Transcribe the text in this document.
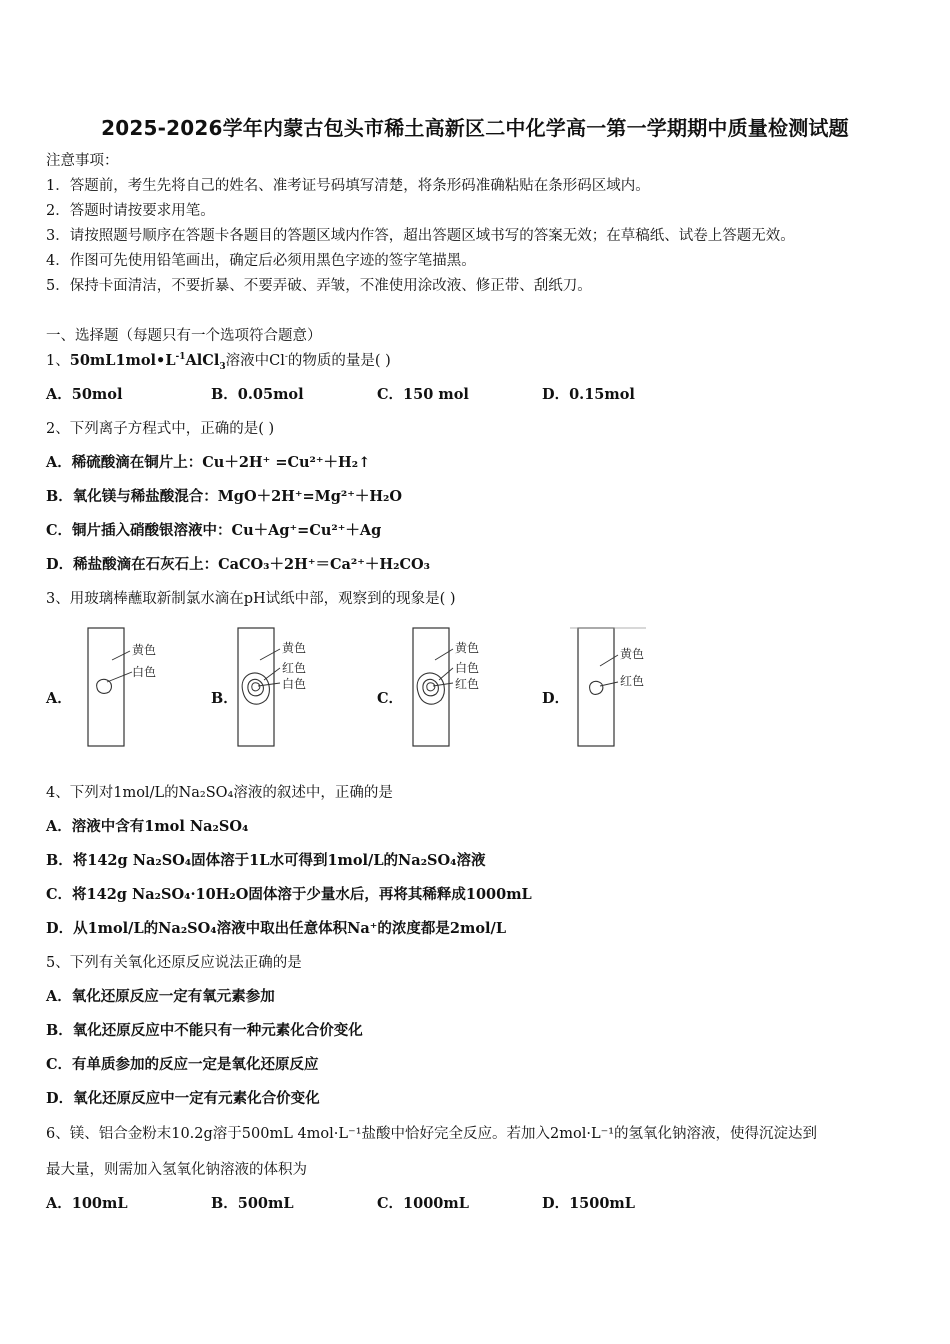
2025-2026学年内蒙古包头市稀土高新区二中化学高一第一学期期中质量检测试题
注意事项：
1．答题前，考生先将自己的姓名、准考证号码填写清楚，将条形码准确粘贴在条形码区域内。
2．答题时请按要求用笔。
3．请按照题号顺序在答题卡各题目的答题区域内作答，超出答题区域书写的答案无效；在草稿纸、试卷上答题无效。
4．作图可先使用铅笔画出，确定后必须用黑色字迹的签字笔描黑。
5．保持卡面清洁，不要折暴、不要弄破、弄皱，不准使用涂改液、修正带、刮纸刀。
一、选择题（每题只有一个选项符合题意）
1、$50mL1mol•L^{-1}AlCl_3$溶液中Cl-的物质的量是( )
A．50mol	B．0.05mol	C．150 mol	D．0.15mol
2、下列离子方程式中，正确的是( )
A．稀硫酸滴在铜片上：Cu＋2H⁺ =Cu²⁺＋H₂↑
B．氧化镁与稀盐酸混合：MgO＋2H⁺=Mg²⁺＋H₂O
C．铜片插入硝酸银溶液中：Cu＋Ag⁺=Cu²⁺＋Ag
D．稀盐酸滴在石灰石上：CaCO₃＋2H⁺＝Ca²⁺＋H₂CO₃
3、用玻璃棒蘸取新制氯水滴在pH试纸中部，观察到的现象是( )
A．
黄色
白色
B．
黄色
红色
白色
C．
黄色
白色
红色
D．
黄色
红色
4、下列对1mol/L的Na₂SO₄溶液的叙述中，正确的是
A．溶液中含有1mol Na₂SO₄
B．将142g Na₂SO₄固体溶于1L水可得到1mol/L的Na₂SO₄溶液
C．将142g Na₂SO₄·10H₂O固体溶于少量水后，再将其稀释成1000mL
D．从1mol/L的Na₂SO₄溶液中取出任意体积Na⁺的浓度都是2mol/L
5、下列有关氧化还原反应说法正确的是
A．氧化还原反应一定有氧元素参加
B．氧化还原反应中不能只有一种元素化合价变化
C．有单质参加的反应一定是氧化还原反应
D．氧化还原反应中一定有元素化合价变化
6、镁、铝合金粉末10.2g溶于500mL 4mol·L⁻¹盐酸中恰好完全反应。若加入2mol·L⁻¹的氢氧化钠溶液，使得沉淀达到
最大量，则需加入氢氧化钠溶液的体积为
A．100mL	B．500mL	C．1000mL	D．1500mL
